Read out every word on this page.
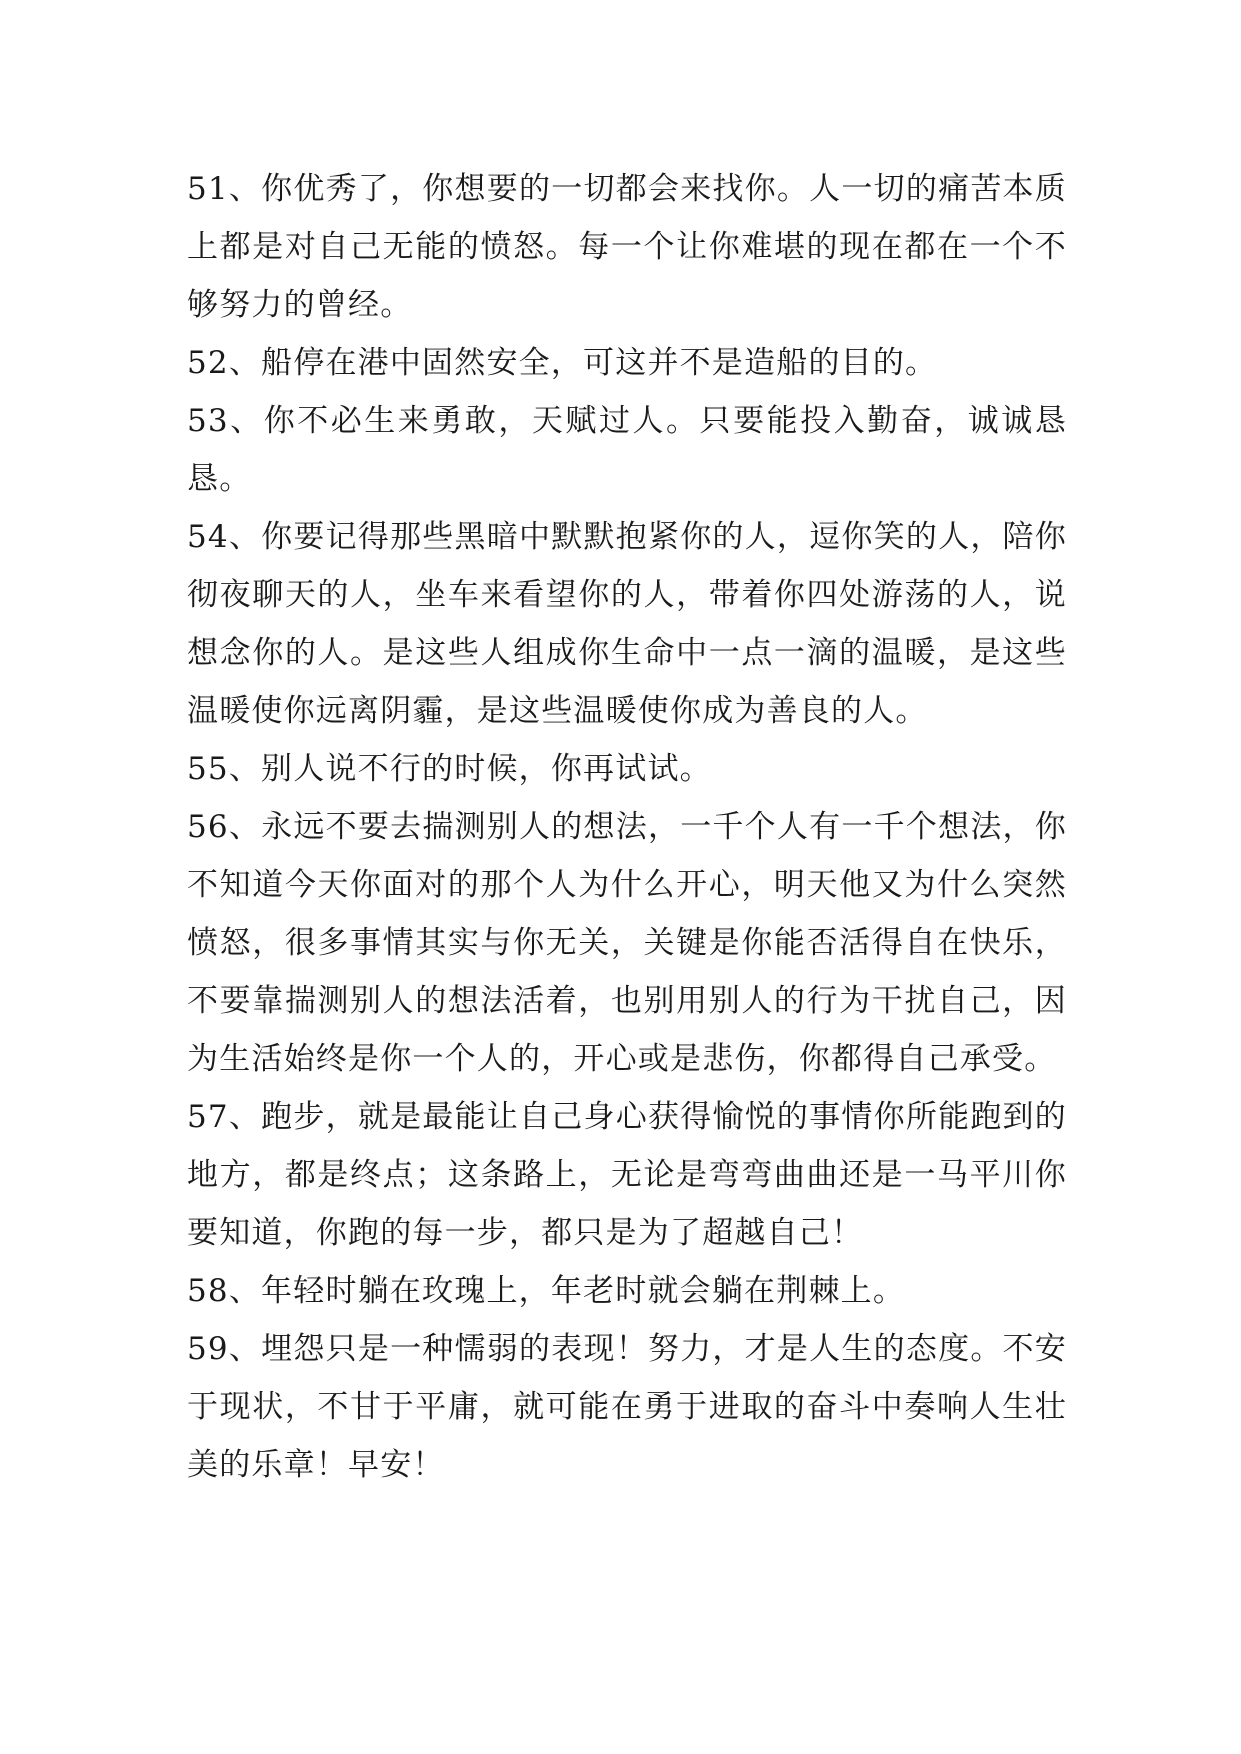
51、你优秀了，你想要的一切都会来找你。人一切的痛苦本质上都是对自己无能的愤怒。每一个让你难堪的现在都在一个不够努力的曾经。

52、船停在港中固然安全，可这并不是造船的目的。

53、你不必生来勇敢，天赋过人。只要能投入勤奋，诚诚恳恳。

54、你要记得那些黑暗中默默抱紧你的人，逗你笑的人，陪你彻夜聊天的人，坐车来看望你的人，带着你四处游荡的人，说想念你的人。是这些人组成你生命中一点一滴的温暖，是这些温暖使你远离阴霾，是这些温暖使你成为善良的人。

55、别人说不行的时候，你再试试。

56、永远不要去揣测别人的想法，一千个人有一千个想法，你不知道今天你面对的那个人为什么开心，明天他又为什么突然愤怒，很多事情其实与你无关，关键是你能否活得自在快乐，不要靠揣测别人的想法活着，也别用别人的行为干扰自己，因为生活始终是你一个人的，开心或是悲伤，你都得自己承受。

57、跑步，就是最能让自己身心获得愉悦的事情你所能跑到的地方，都是终点；这条路上，无论是弯弯曲曲还是一马平川你要知道，你跑的每一步，都只是为了超越自己！

58、年轻时躺在玫瑰上，年老时就会躺在荆棘上。

59、埋怨只是一种懦弱的表现！努力，才是人生的态度。不安于现状，不甘于平庸，就可能在勇于进取的奋斗中奏响人生壮美的乐章！早安！
